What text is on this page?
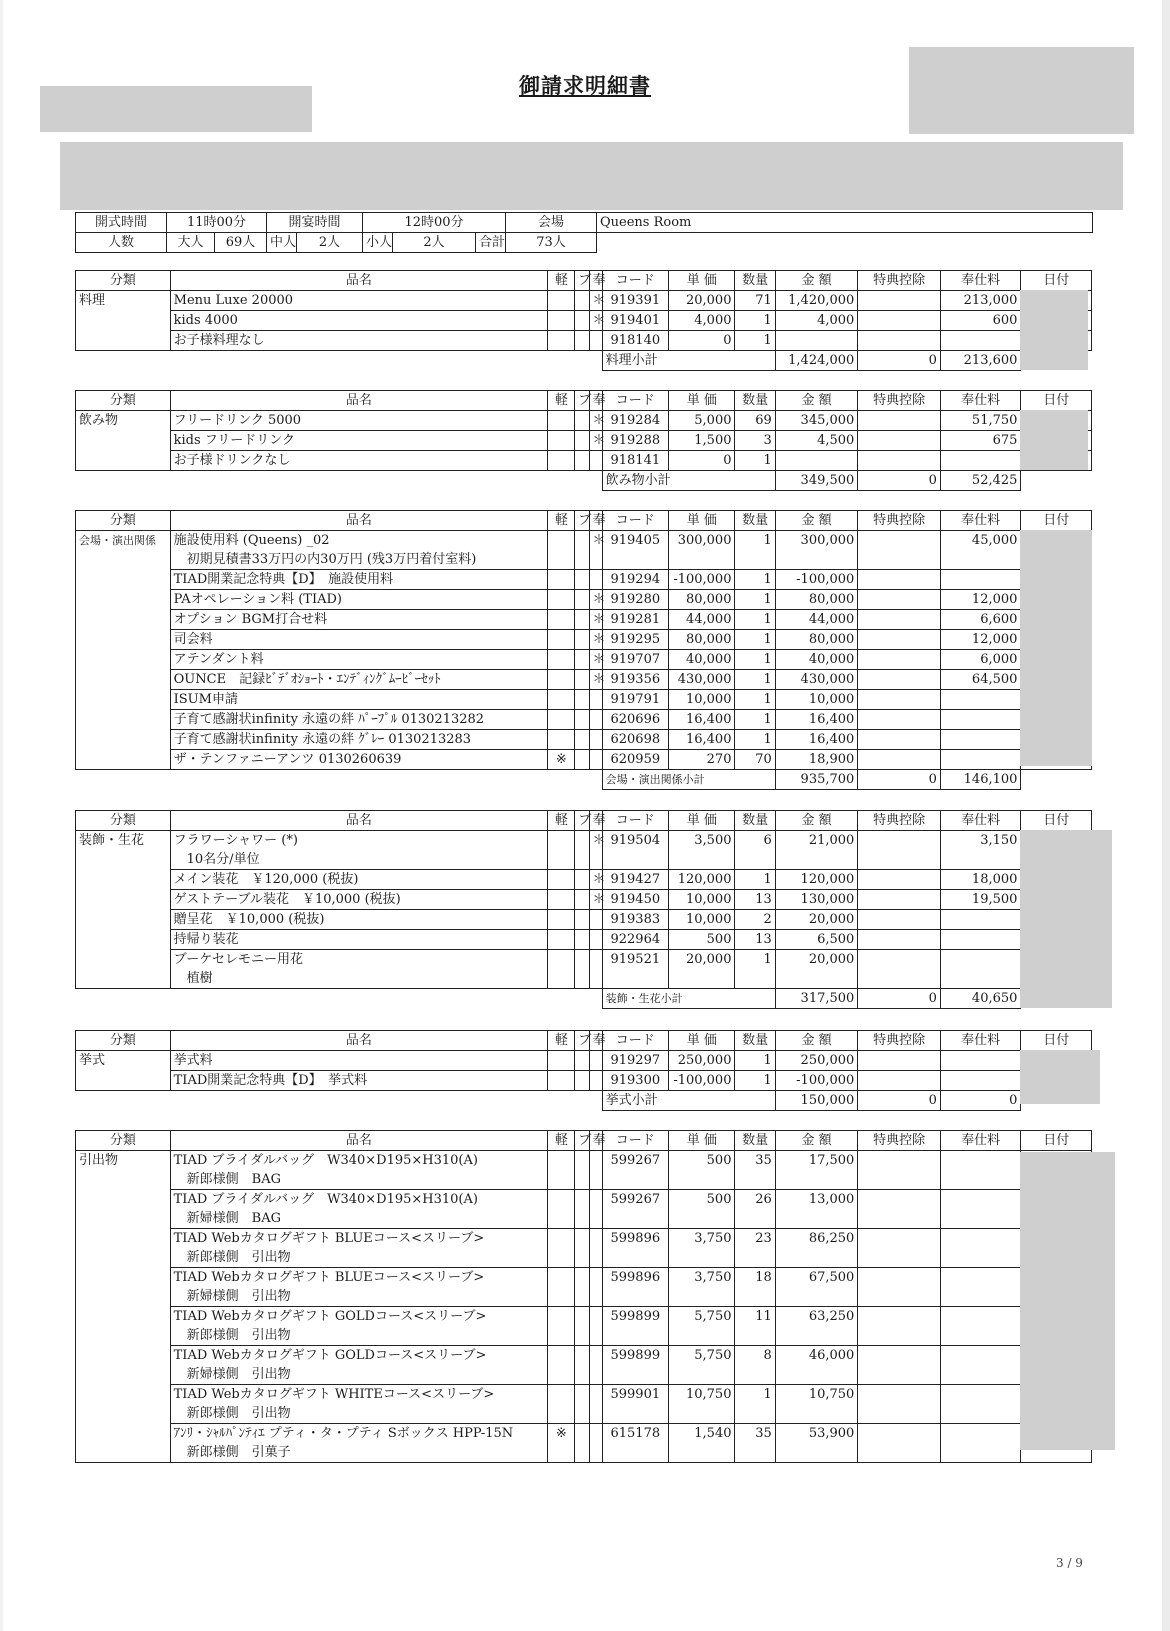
御請求明細書
開式時間	11時00分		開宴時間		12時00分			会場	Queens Room
人数	大人	69人	中人	2人	小人	2人	合計	73人	
分類	品名	軽	ブ	奉	コード	単 価	数量	金 額	特典控除	奉仕料	日付
料理	Menu Luxe 20000			＊	919391	20,000	71	1,420,000		213,000	
	kids 4000			＊	919401	4,000	1	4,000		600	
	お子様料理なし				918140	0	1				
					料理小計			1,424,000	0	213,600	
分類	品名	軽	ブ	奉	コード	単 価	数量	金 額	特典控除	奉仕料	日付
飲み物	フリードリンク 5000			＊	919284	5,000	69	345,000		51,750	
	kids フリードリンク			＊	919288	1,500	3	4,500		675	
	お子様ドリンクなし				918141	0	1				
					飲み物小計			349,500	0	52,425	
分類	品名	軽	ブ	奉	コード	単 価	数量	金 額	特典控除	奉仕料	日付
会場・演出関係	施設使用料 (Queens) _02			＊	919405	300,000	1	300,000		45,000	
	初期見積書33万円の内30万円 (残3万円着付室料)										
	TIAD開業記念特典【D】　施設使用料				919294	-100,000	1	-100,000			
	PAオペレーション料 (TIAD)			＊	919280	80,000	1	80,000		12,000	
	オプション BGM打合せ料			＊	919281	44,000	1	44,000		6,600	
	司会料			＊	919295	80,000	1	80,000		12,000	
	アテンダント料			＊	919707	40,000	1	40,000		6,000	
	OUNCE　記録ﾋﾞﾃﾞｵｼｮｰﾄ・ｴﾝﾃﾞｨﾝｸﾞﾑｰﾋﾞｰｾｯﾄ			＊	919356	430,000	1	430,000		64,500	
	ISUM申請				919791	10,000	1	10,000			
	子育て感謝状infinity 永遠の絆 ﾊﾟｰﾌﾟﾙ 0130213282				620696	16,400	1	16,400			
	子育て感謝状infinity 永遠の絆 ｸﾞﾚｰ 0130213283				620698	16,400	1	16,400			
	ザ・テンファニーアンツ 0130260639	※			620959	270	70	18,900			
					会場・演出関係小計			935,700	0	146,100	
分類	品名	軽	ブ	奉	コード	単 価	数量	金 額	特典控除	奉仕料	日付
装飾・生花	フラワーシャワー (*)			＊	919504	3,500	6	21,000		3,150	
	10名分/単位										
	メイン装花　￥120,000 (税抜)			＊	919427	120,000	1	120,000		18,000	
	ゲストテーブル装花　￥10,000 (税抜)			＊	919450	10,000	13	130,000		19,500	
	贈呈花　￥10,000 (税抜)				919383	10,000	2	20,000			
	持帰り装花				922964	500	13	6,500			
	ブーケセレモニー用花				919521	20,000	1	20,000			
	植樹										
					装飾・生花小計			317,500	0	40,650	
分類	品名	軽	ブ	奉	コード	単 価	数量	金 額	特典控除	奉仕料	日付
挙式	挙式料				919297	250,000	1	250,000			
	TIAD開業記念特典【D】　挙式料				919300	-100,000	1	-100,000			
					挙式小計			150,000	0	0	
分類	品名	軽	ブ	奉	コード	単 価	数量	金 額	特典控除	奉仕料	日付
引出物	TIAD ブライダルバッグ　W340×D195×H310(A)				599267	500	35	17,500			
	新郎様側　BAG										
	TIAD ブライダルバッグ　W340×D195×H310(A)				599267	500	26	13,000			
	新婦様側　BAG										
	TIAD Webカタログギフト BLUEコース<スリーブ>				599896	3,750	23	86,250			
	新郎様側　引出物										
	TIAD Webカタログギフト BLUEコース<スリーブ>				599896	3,750	18	67,500			
	新婦様側　引出物										
	TIAD Webカタログギフト GOLDコース<スリーブ>				599899	5,750	11	63,250			
	新郎様側　引出物										
	TIAD Webカタログギフト GOLDコース<スリーブ>				599899	5,750	8	46,000			
	新婦様側　引出物										
	TIAD Webカタログギフト WHITEコース<スリーブ>				599901	10,750	1	10,750			
	新郎様側　引出物										
	ｱﾝﾘ・ｼｬﾙﾊﾟﾝﾃｨｴ プティ・タ・プティ Sボックス HPP-15N	※			615178	1,540	35	53,900			
	新郎様側　引菓子										
3 / 9
